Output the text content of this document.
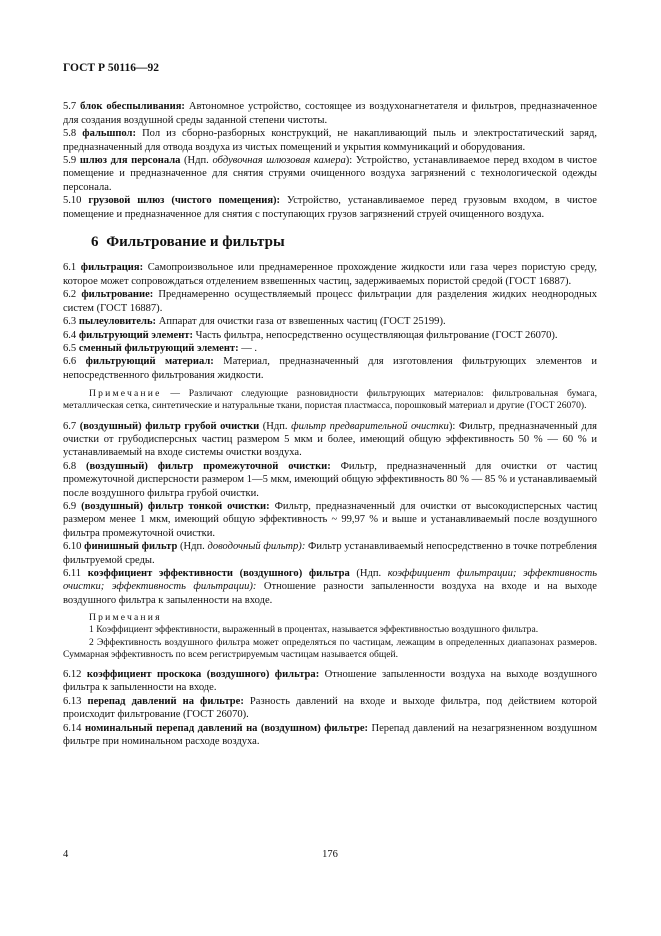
ГОСТ Р 50116—92

5.7 блок обеспыливания: Автономное устройство, состоящее из воздухонагнетателя и фильтров, предназначенное для создания воздушной среды заданной степени чистоты.

5.8 фальшпол: Пол из сборно-разборных конструкций, не накапливающий пыль и электростатический заряд, предназначенный для отвода воздуха из чистых помещений и укрытия коммуникаций и оборудования.

5.9 шлюз для персонала (Ндп. обдувочная шлюзовая камера): Устройство, устанавливаемое перед входом в чистое помещение и предназначенное для снятия струями очищенного воздуха загрязнений с технологической одежды персонала.

5.10 грузовой шлюз (чистого помещения): Устройство, устанавливаемое перед грузовым входом, в чистое помещение и предназначенное для снятия с поступающих грузов загрязнений струей очищенного воздуха.

6 Фильтрование и фильтры

6.1 фильтрация: Самопроизвольное или преднамеренное прохождение жидкости или газа через пористую среду, которое может сопровождаться отделением взвешенных частиц, задерживаемых пористой средой (ГОСТ 16887).

6.2 фильтрование: Преднамеренно осуществляемый процесс фильтрации для разделения жидких неоднородных систем (ГОСТ 16887).

6.3 пылеуловитель: Аппарат для очистки газа от взвешенных частиц (ГОСТ 25199).

6.4 фильтрующий элемент: Часть фильтра, непосредственно осуществляющая фильтрование (ГОСТ 26070).

6.5 сменный фильтрующий элемент: — .

6.6 фильтрующий материал: Материал, предназначенный для изготовления фильтрующих элементов и непосредственного фильтрования жидкости.

Примечание — Различают следующие разновидности фильтрующих материалов: фильтровальная бумага, металлическая сетка, синтетические и натуральные ткани, пористая пластмасса, порошковый материал и другие (ГОСТ 26070).

6.7 (воздушный) фильтр грубой очистки (Ндп. фильтр предварительной очистки): Фильтр, предназначенный для очистки от грубодисперсных частиц размером 5 мкм и более, имеющий общую эффективность 50 % — 60 % и устанавливаемый на входе системы очистки воздуха.

6.8 (воздушный) фильтр промежуточной очистки: Фильтр, предназначенный для очистки от частиц промежуточной дисперсности размером 1—5 мкм, имеющий общую эффективность 80 % — 85 % и устанавливаемый после воздушного фильтра грубой очистки.

6.9 (воздушный) фильтр тонкой очистки: Фильтр, предназначенный для очистки от высокодисперсных частиц размером менее 1 мкм, имеющий общую эффективность ~ 99,97 % и выше и устанавливаемый после воздушного фильтра промежуточной очистки.

6.10 финишный фильтр (Ндп. доводочный фильтр): Фильтр устанавливаемый непосредственно в точке потребления фильтруемой среды.

6.11 коэффициент эффективности (воздушного) фильтра (Ндп. коэффициент фильтрации; эффективность очистки; эффективность фильтрации): Отношение разности запыленности воздуха на входе и на выходе воздушного фильтра к запыленности на входе.

Примечания

1 Коэффициент эффективности, выраженный в процентах, называется эффективностью воздушного фильтра.

2 Эффективность воздушного фильтра может определяться по частицам, лежащим в определенных диапазонах размеров. Суммарная эффективность по всем регистрируемым частицам называется общей.

6.12 коэффициент проскока (воздушного) фильтра: Отношение запыленности воздуха на выходе воздушного фильтра к запыленности на входе.

6.13 перепад давлений на фильтре: Разность давлений на входе и выходе фильтра, под действием которой происходит фильтрование (ГОСТ 26070).

6.14 номинальный перепад давлений на (воздушном) фильтре: Перепад давлений на незагрязненном воздушном фильтре при номинальном расходе воздуха.

4	176
